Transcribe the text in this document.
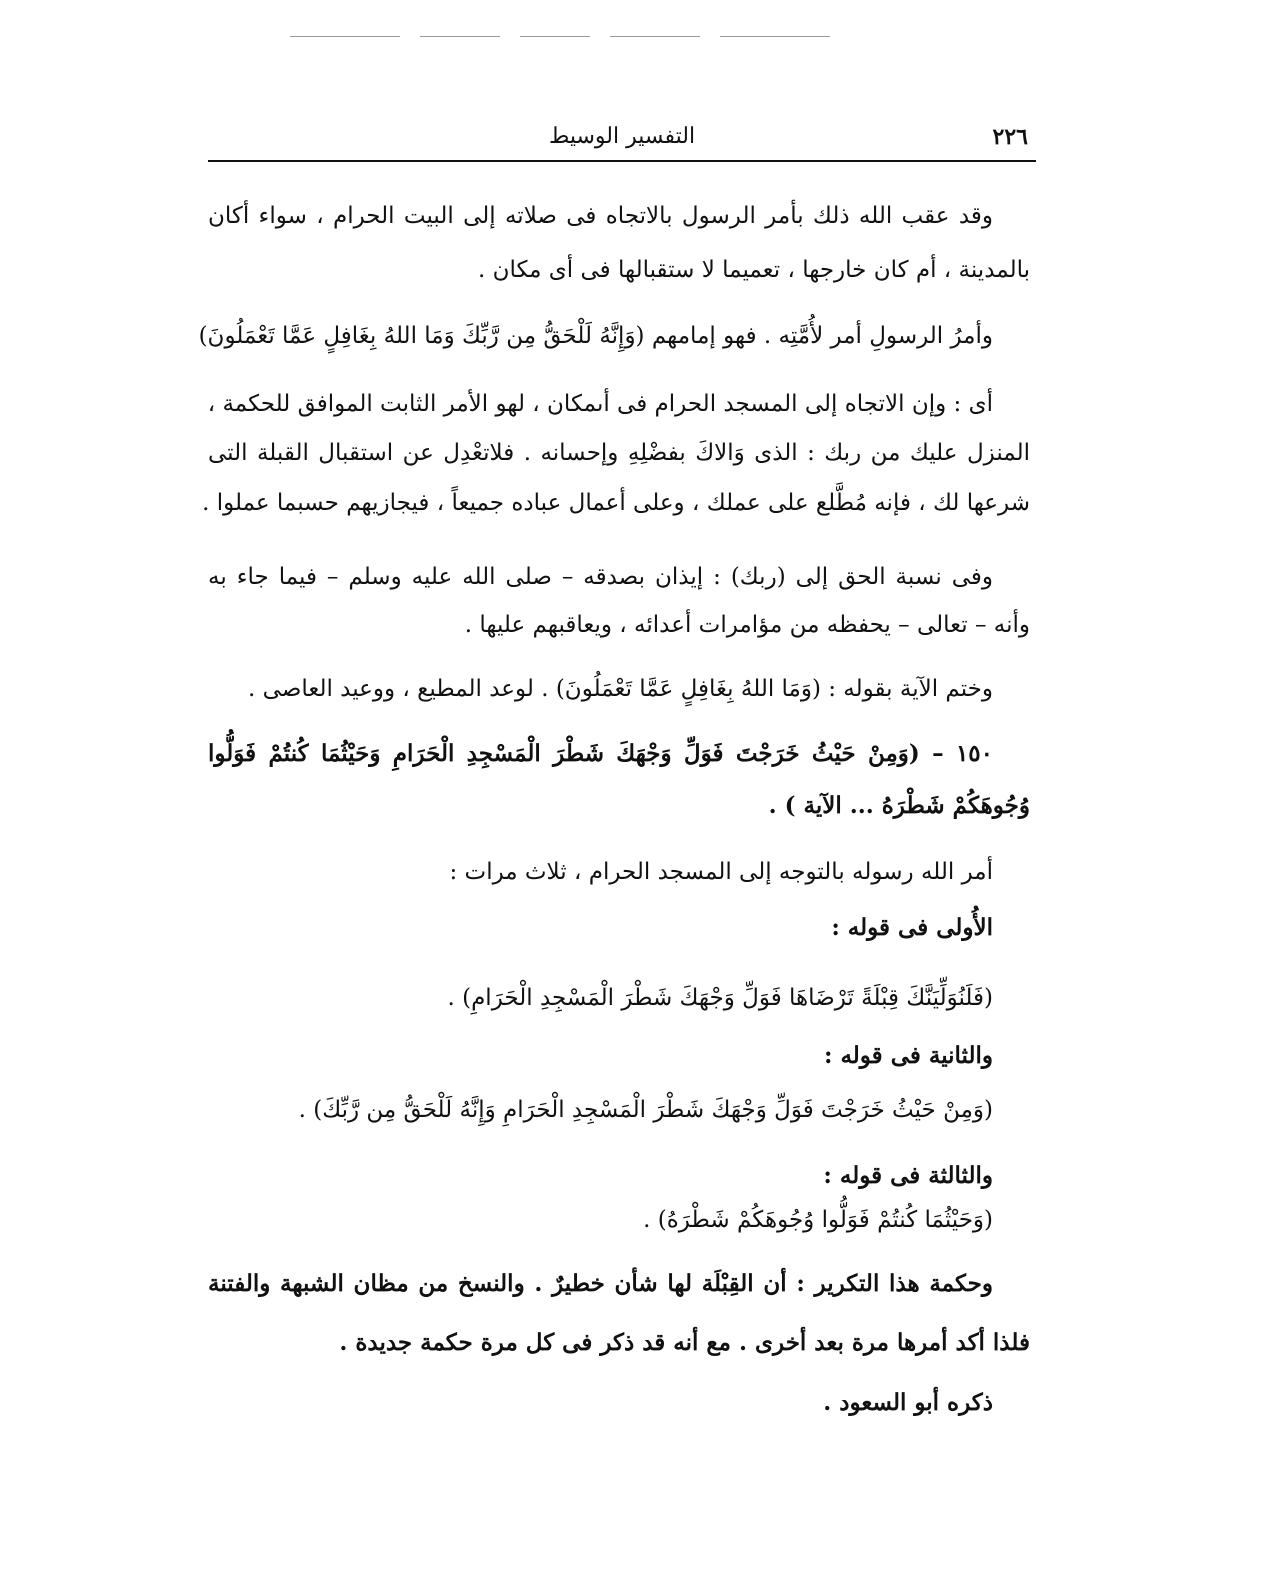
٢٢٦
التفسير الوسيط
وقد عقب الله ذلك بأمر الرسول بالاتجاه فى صلاته إلى البيت الحرام ، سواء أكان
بالمدينة ، أم كان خارجها ، تعميما لا ستقبالها فى أى مكان .
وأمرُ الرسولِ أمر لأُمَّتِه . فهو إمامهم (وَإِنَّهُ لَلْحَقُّ مِن رَّبِّكَ وَمَا اللهُ بِغَافِلٍ عَمَّا تَعْمَلُونَ)
أى : وإن الاتجاه إلى المسجد الحرام فى أىمكان ، لهو الأمر الثابت الموافق للحكمة ،
المنزل عليك من ربك : الذى وَالاكَ بفضْلِهِ وإحسانه . فلاتعْدِل عن استقبال القبلة التى
شرعها لك ، فإنه مُطَّلع على عملك ، وعلى أعمال عباده جميعاً ، فيجازيهم حسبما عملوا .
وفى نسبة الحق إلى (ربك) : إيذان بصدقه – صلى الله عليه وسلم – فيما جاء به
وأنه – تعالى – يحفظه من مؤامرات أعدائه ، ويعاقبهم عليها .
وختم الآية بقوله : (وَمَا اللهُ بِغَافِلٍ عَمَّا تَعْمَلُونَ) . لوعد المطيع ، ووعيد العاصى .
١٥٠ – (وَمِنْ حَيْثُ خَرَجْتَ فَوَلِّ وَجْهَكَ شَطْرَ الْمَسْجِدِ الْحَرَامِ وَحَيْثُمَا كُنتُمْ فَوَلُّوا
وُجُوهَكُمْ شَطْرَهُ ... الآية ) .
أمر الله رسوله بالتوجه إلى المسجد الحرام ، ثلاث مرات :
الأُولى فى قوله :
(فَلَنُوَلِّيَنَّكَ قِبْلَةً تَرْضَاهَا فَوَلِّ وَجْهَكَ شَطْرَ الْمَسْجِدِ الْحَرَامِ) .
والثانية فى قوله :
(وَمِنْ حَيْثُ خَرَجْتَ فَوَلِّ وَجْهَكَ شَطْرَ الْمَسْجِدِ الْحَرَامِ وَإِنَّهُ لَلْحَقُّ مِن رَّبِّكَ) .
والثالثة فى قوله :
(وَحَيْثُمَا كُنتُمْ فَوَلُّوا وُجُوهَكُمْ شَطْرَهُ) .
وحكمة هذا التكرير : أن القِبْلَة لها شأن خطيرٌ . والنسخ من مظان الشبهة والفتنة
فلذا أكد أمرها مرة بعد أخرى . مع أنه قد ذكر فى كل مرة حكمة جديدة .
ذكره أبو السعود .
